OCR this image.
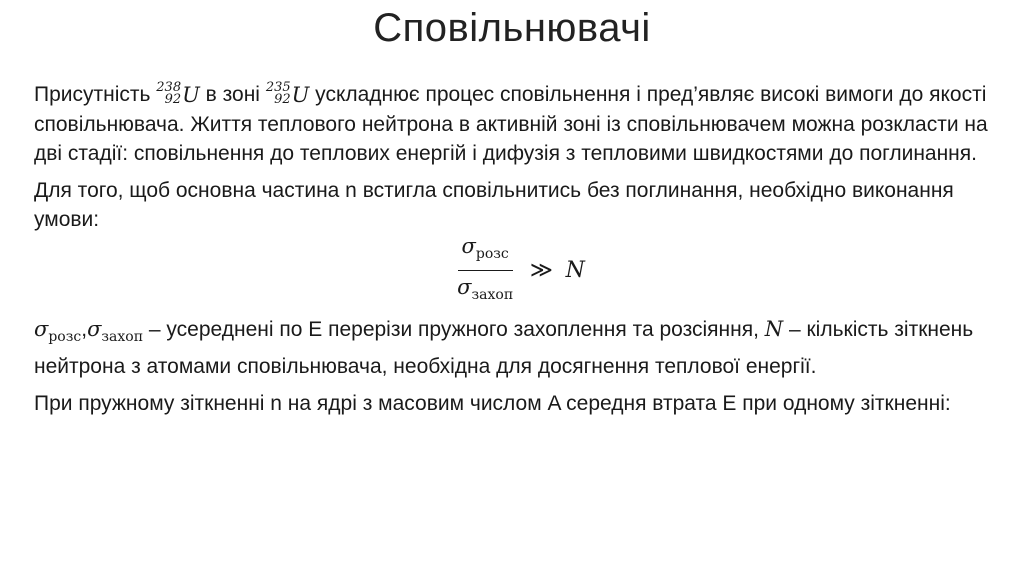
Сповільнювачі
Присутність 238
92 U в зоні 235
92 U ускладнює процес сповільнення і пред’являє високі вимоги до якості сповільнювача. Життя теплового нейтрона в активній зоні із сповільнювачем можна розкласти на дві стадії: сповільнення до теплових енергій і дифузія з тепловими швидкостями до поглинання.
Для того, щоб основна частина n встигла сповільнитись без поглинання, необхідно виконання умови:
$\frac{\sigma_{розс}}{\sigma_{захоп}}$ ≫ N
$\sigma_{розс},\sigma_{захоп}$ – усереднені по E перерізи пружного захоплення та розсіяння, N – кількість зіткнень нейтрона з атомами сповільнювача, необхідна для досягнення теплової енергії.
При пружному зіткненні n на ядрі з масовим числом A середня втрата E при одному зіткненні:
